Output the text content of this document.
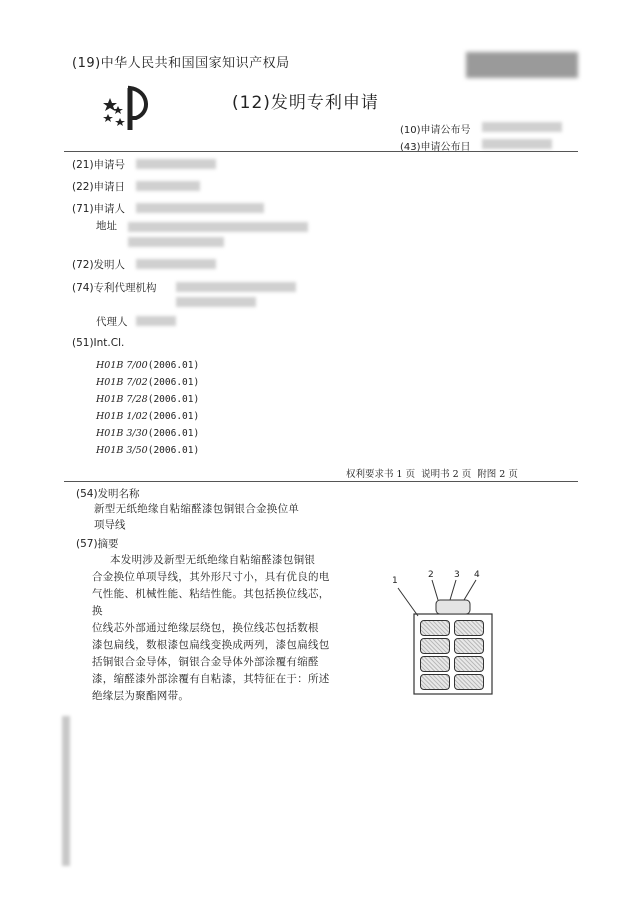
(19)中华人民共和国国家知识产权局
(12)发明专利申请
(10)申请公布号
(43)申请公布日
(21)申请号
(22)申请日
(71)申请人
地址
(72)发明人
(74)专利代理机构
代理人
(51)Int.Cl.
H01B 7/00(2006.01)
H01B 7/02(2006.01)
H01B 7/28(2006.01)
H01B 1/02(2006.01)
H01B 3/30(2006.01)
H01B 3/50(2006.01)
权利要求书 1 页  说明书 2 页  附图 2 页
(54)发明名称
新型无纸绝缘自粘缩醛漆包铜银合金换位单
项导线
(57)摘要
本发明涉及新型无纸绝缘自粘缩醛漆包铜银
合金换位单项导线，其外形尺寸小，具有优良的电
气性能、机械性能、粘结性能。其包括换位线芯，换
位线芯外部通过绝缘层绕包，换位线芯包括数根
漆包扁线，数根漆包扁线变换成两列，漆包扁线包
括铜银合金导体，铜银合金导体外部涂覆有缩醛
漆，缩醛漆外部涂覆有自粘漆，其特征在于：所述
绝缘层为聚酯网带。
1
2 3 4
